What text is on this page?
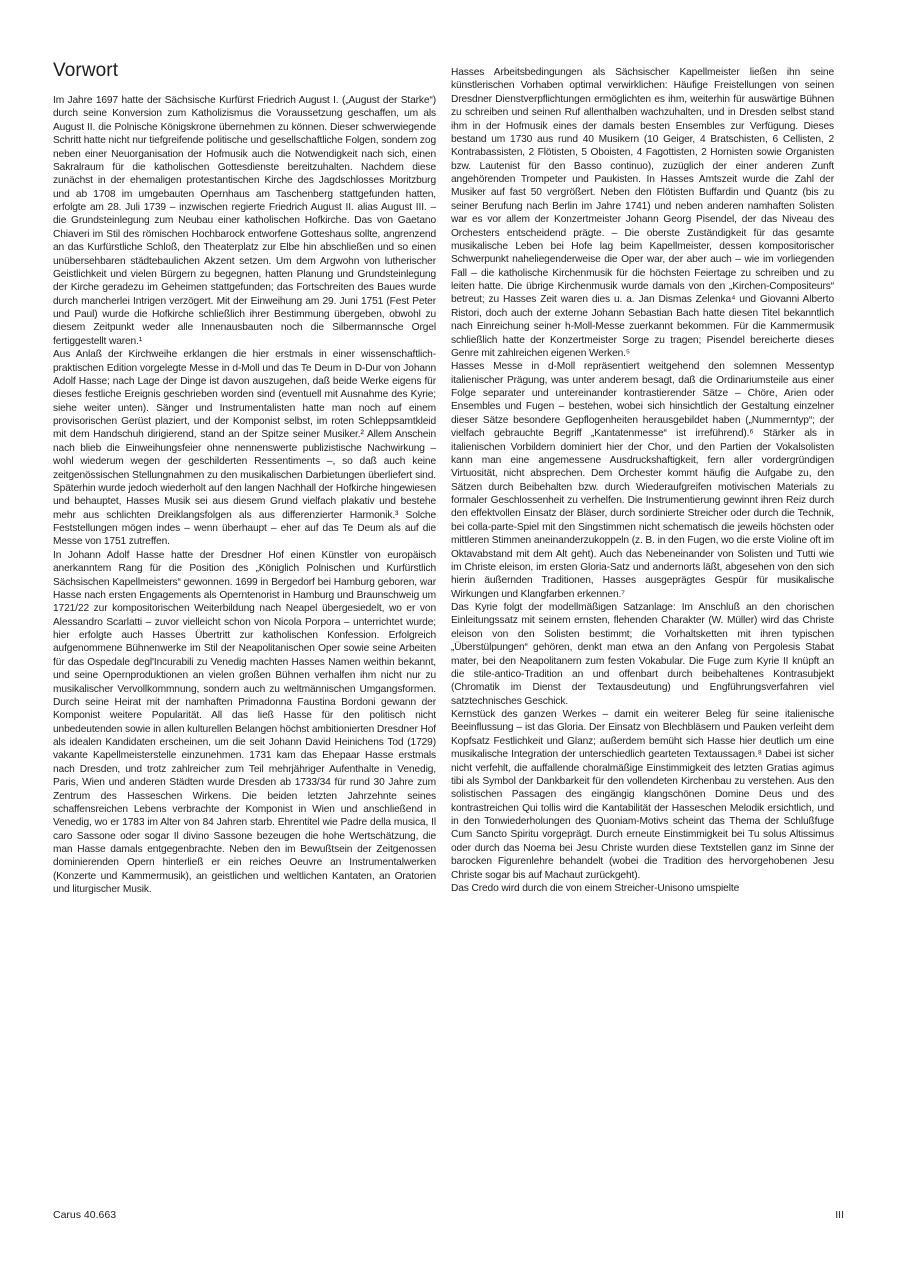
Vorwort

Im Jahre 1697 hatte der Sächsische Kurfürst Friedrich August I. („August der Starke“) durch seine Konversion zum Katholizismus die Voraussetzung geschaffen, um als August II. die Polnische Königskrone übernehmen zu können. Dieser schwerwiegende Schritt hatte nicht nur tiefgreifende politische und gesellschaftliche Folgen, sondern zog neben einer Neuorganisation der Hofmusik auch die Notwendigkeit nach sich, einen Sakralraum für die katholischen Gottesdienste bereitzuhalten. Nachdem diese zunächst in der ehemaligen protestantischen Kirche des Jagdschlosses Moritzburg und ab 1708 im umgebauten Opernhaus am Taschenberg stattgefunden hatten, erfolgte am 28. Juli 1739 – inzwischen regierte Friedrich August II. alias August III. – die Grundsteinlegung zum Neubau einer katholischen Hofkirche. Das von Gaetano Chiaveri im Stil des römischen Hochbarock entworfene Gotteshaus sollte, angrenzend an das Kurfürstliche Schloß, den Theaterplatz zur Elbe hin abschließen und so einen unübersehbaren städtebaulichen Akzent setzen. Um dem Argwohn von lutherischer Geistlichkeit und vielen Bürgern zu begegnen, hatten Planung und Grundsteinlegung der Kirche geradezu im Geheimen stattgefunden; das Fortschreiten des Baues wurde durch mancherlei Intrigen verzögert. Mit der Einweihung am 29. Juni 1751 (Fest Peter und Paul) wurde die Hofkirche schließlich ihrer Bestimmung übergeben, obwohl zu diesem Zeitpunkt weder alle Innenausbauten noch die Silbermannsche Orgel fertiggestellt waren.¹

Aus Anlaß der Kirchweihe erklangen die hier erstmals in einer wissenschaftlich-praktischen Edition vorgelegte Messe in d-Moll und das Te Deum in D-Dur von Johann Adolf Hasse; nach Lage der Dinge ist davon auszugehen, daß beide Werke eigens für dieses festliche Ereignis geschrieben worden sind (eventuell mit Ausnahme des Kyrie; siehe weiter unten). Sänger und Instrumentalisten hatte man noch auf einem provisorischen Gerüst plaziert, und der Komponist selbst, im roten Schleppsamtkleid mit dem Handschuh dirigierend, stand an der Spitze seiner Musiker.² Allem Anschein nach blieb die Einweihungsfeier ohne nennenswerte publizistische Nachwirkung – wohl wiederum wegen der geschilderten Ressentiments –, so daß auch keine zeitgenössischen Stellungnahmen zu den musikalischen Darbietungen überliefert sind. Späterhin wurde jedoch wiederholt auf den langen Nachhall der Hofkirche hingewiesen und behauptet, Hasses Musik sei aus diesem Grund vielfach plakativ und bestehe mehr aus schlichten Dreiklangsfolgen als aus differenzierter Harmonik.³ Solche Feststellungen mögen indes – wenn überhaupt – eher auf das Te Deum als auf die Messe von 1751 zutreffen.

In Johann Adolf Hasse hatte der Dresdner Hof einen Künstler von europäisch anerkanntem Rang für die Position des „Königlich Polnischen und Kurfürstlich Sächsischen Kapellmeisters“ gewonnen. 1699 in Bergedorf bei Hamburg geboren, war Hasse nach ersten Engagements als Operntenorist in Hamburg und Braunschweig um 1721/22 zur kompositorischen Weiterbildung nach Neapel übergesiedelt, wo er von Alessandro Scarlatti – zuvor vielleicht schon von Nicola Porpora – unterrichtet wurde; hier erfolgte auch Hasses Übertritt zur katholischen Konfession. Erfolgreich aufgenommene Bühnenwerke im Stil der Neapolitanischen Oper sowie seine Arbeiten für das Ospedale degl'Incurabili zu Venedig machten Hasses Namen weithin bekannt, und seine Opernproduktionen an vielen großen Bühnen verhalfen ihm nicht nur zu musikalischer Vervollkommnung, sondern auch zu weltmännischen Umgangsformen. Durch seine Heirat mit der namhaften Primadonna Faustina Bordoni gewann der Komponist weitere Popularität. All das ließ Hasse für den politisch nicht unbedeutenden sowie in allen kulturellen Belangen höchst ambitionierten Dresdner Hof als idealen Kandidaten erscheinen, um die seit Johann David Heinichens Tod (1729) vakante Kapellmeisterstelle einzunehmen. 1731 kam das Ehepaar Hasse erstmals nach Dresden, und trotz zahlreicher zum Teil mehrjähriger Aufenthalte in Venedig, Paris, Wien und anderen Städten wurde Dresden ab 1733/34 für rund 30 Jahre zum Zentrum des Hasseschen Wirkens. Die beiden letzten Jahrzehnte seines schaffensreichen Lebens verbrachte der Komponist in Wien und anschließend in Venedig, wo er 1783 im Alter von 84 Jahren starb. Ehrentitel wie Padre della musica, Il caro Sassone oder sogar Il divino Sassone bezeugen die hohe Wertschätzung, die man Hasse damals entgegenbrachte. Neben den im Bewußtsein der Zeitgenossen dominierenden Opern hinterließ er ein reiches Oeuvre an Instrumentalwerken (Konzerte und Kammermusik), an geistlichen und weltlichen Kantaten, an Oratorien und liturgischer Musik.

Hasses Arbeitsbedingungen als Sächsischer Kapellmeister ließen ihn seine künstlerischen Vorhaben optimal verwirklichen: Häufige Freistellungen von seinen Dresdner Dienstverpflichtungen ermöglichten es ihm, weiterhin für auswärtige Bühnen zu schreiben und seinen Ruf allenthalben wachzuhalten, und in Dresden selbst stand ihm in der Hofmusik eines der damals besten Ensembles zur Verfügung. Dieses bestand um 1730 aus rund 40 Musikern (10 Geiger, 4 Bratschisten, 6 Cellisten, 2 Kontrabassisten, 2 Flötisten, 5 Oboisten, 4 Fagottisten, 2 Hornisten sowie Organisten bzw. Lautenist für den Basso continuo), zuzüglich der einer anderen Zunft angehörenden Trompeter und Paukisten. In Hasses Amtszeit wurde die Zahl der Musiker auf fast 50 vergrößert. Neben den Flötisten Buffardin und Quantz (bis zu seiner Berufung nach Berlin im Jahre 1741) und neben anderen namhaften Solisten war es vor allem der Konzertmeister Johann Georg Pisendel, der das Niveau des Orchesters entscheidend prägte. – Die oberste Zuständigkeit für das gesamte musikalische Leben bei Hofe lag beim Kapellmeister, dessen kompositorischer Schwerpunkt naheliegenderweise die Oper war, der aber auch – wie im vorliegenden Fall – die katholische Kirchenmusik für die höchsten Feiertage zu schreiben und zu leiten hatte. Die übrige Kirchenmusik wurde damals von den „Kirchen-Compositeurs“ betreut; zu Hasses Zeit waren dies u. a. Jan Dismas Zelenka⁴ und Giovanni Alberto Ristori, doch auch der externe Johann Sebastian Bach hatte diesen Titel bekanntlich nach Einreichung seiner h-Moll-Messe zuerkannt bekommen. Für die Kammermusik schließlich hatte der Konzertmeister Sorge zu tragen; Pisendel bereicherte dieses Genre mit zahlreichen eigenen Werken.⁵

Hasses Messe in d-Moll repräsentiert weitgehend den solemnen Messentyp italienischer Prägung, was unter anderem besagt, daß die Ordinariumsteile aus einer Folge separater und untereinander kontrastierender Sätze – Chöre, Arien oder Ensembles und Fugen – bestehen, wobei sich hinsichtlich der Gestaltung einzelner dieser Sätze besondere Gepflogenheiten herausgebildet haben („Nummerntyp“; der vielfach gebrauchte Begriff „Kantatenmesse“ ist irreführend).⁶ Stärker als in italienischen Vorbildern dominiert hier der Chor, und den Partien der Vokalsolisten kann man eine angemessene Ausdruckshaftigkeit, fern aller vordergründigen Virtuosität, nicht absprechen. Dem Orchester kommt häufig die Aufgabe zu, den Sätzen durch Beibehalten bzw. durch Wiederaufgreifen motivischen Materials zu formaler Geschlossenheit zu verhelfen. Die Instrumentierung gewinnt ihren Reiz durch den effektvollen Einsatz der Bläser, durch sordinierte Streicher oder durch die Technik, bei colla-parte-Spiel mit den Singstimmen nicht schematisch die jeweils höchsten oder mittleren Stimmen aneinanderzukoppeln (z. B. in den Fugen, wo die erste Violine oft im Oktavabstand mit dem Alt geht). Auch das Nebeneinander von Solisten und Tutti wie im Christe eleison, im ersten Gloria-Satz und andernorts läßt, abgesehen von den sich hierin äußernden Traditionen, Hasses ausgeprägtes Gespür für musikalische Wirkungen und Klangfarben erkennen.⁷

Das Kyrie folgt der modellmäßigen Satzanlage: Im Anschluß an den chorischen Einleitungssatz mit seinem ernsten, flehenden Charakter (W. Müller) wird das Christe eleison von den Solisten bestimmt; die Vorhaltsketten mit ihren typischen „Überstülpungen“ gehören, denkt man etwa an den Anfang von Pergolesis Stabat mater, bei den Neapolitanern zum festen Vokabular. Die Fuge zum Kyrie II knüpft an die stile-antico-Tradition an und offenbart durch beibehaltenes Kontrasubjekt (Chromatik im Dienst der Textausdeutung) und Engführungsverfahren viel satztechnisches Geschick.

Kernstück des ganzen Werkes – damit ein weiterer Beleg für seine italienische Beeinflussung – ist das Gloria. Der Einsatz von Blechbläsern und Pauken verleiht dem Kopfsatz Festlichkeit und Glanz; außerdem bemüht sich Hasse hier deutlich um eine musikalische Integration der unterschiedlich gearteten Textaussagen.⁸ Dabei ist sicher nicht verfehlt, die auffallende choralmäßige Einstimmigkeit des letzten Gratias agimus tibi als Symbol der Dankbarkeit für den vollendeten Kirchenbau zu verstehen. Aus den solistischen Passagen des eingängig klangschönen Domine Deus und des kontrastreichen Qui tollis wird die Kantabilität der Hasseschen Melodik ersichtlich, und in den Tonwiederholungen des Quoniam-Motivs scheint das Thema der Schlußfuge Cum Sancto Spiritu vorgeprägt. Durch erneute Einstimmigkeit bei Tu solus Altissimus oder durch das Noema bei Jesu Christe wurden diese Textstellen ganz im Sinne der barocken Figurenlehre behandelt (wobei die Tradition des hervorgehobenen Jesu Christe sogar bis auf Machaut zurückgeht).

Das Credo wird durch die von einem Streicher-Unisono umspielte

Carus 40.663	III
